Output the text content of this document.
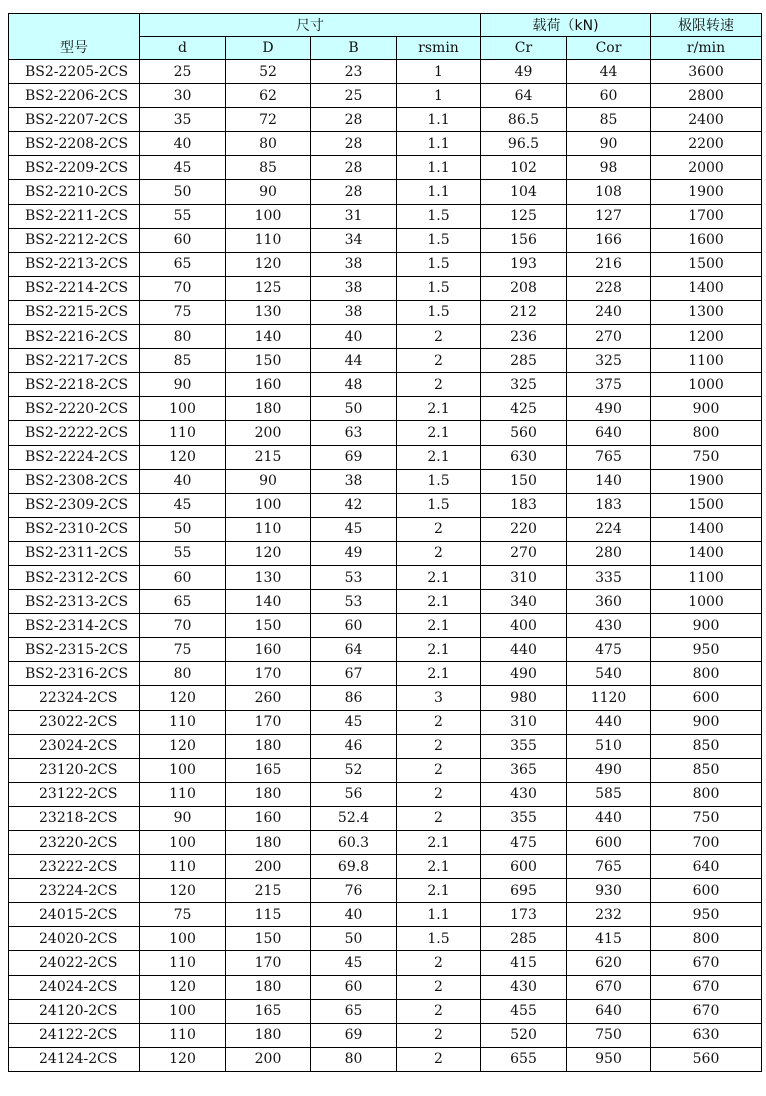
型号	尺寸				载荷（kN)		极限转速
	d	D	B	rsmin	Cr	Cor	r/min
BS2-2205-2CS	25	52	23	1	49	44	3600
BS2-2206-2CS	30	62	25	1	64	60	2800
BS2-2207-2CS	35	72	28	1.1	86.5	85	2400
BS2-2208-2CS	40	80	28	1.1	96.5	90	2200
BS2-2209-2CS	45	85	28	1.1	102	98	2000
BS2-2210-2CS	50	90	28	1.1	104	108	1900
BS2-2211-2CS	55	100	31	1.5	125	127	1700
BS2-2212-2CS	60	110	34	1.5	156	166	1600
BS2-2213-2CS	65	120	38	1.5	193	216	1500
BS2-2214-2CS	70	125	38	1.5	208	228	1400
BS2-2215-2CS	75	130	38	1.5	212	240	1300
BS2-2216-2CS	80	140	40	2	236	270	1200
BS2-2217-2CS	85	150	44	2	285	325	1100
BS2-2218-2CS	90	160	48	2	325	375	1000
BS2-2220-2CS	100	180	50	2.1	425	490	900
BS2-2222-2CS	110	200	63	2.1	560	640	800
BS2-2224-2CS	120	215	69	2.1	630	765	750
BS2-2308-2CS	40	90	38	1.5	150	140	1900
BS2-2309-2CS	45	100	42	1.5	183	183	1500
BS2-2310-2CS	50	110	45	2	220	224	1400
BS2-2311-2CS	55	120	49	2	270	280	1400
BS2-2312-2CS	60	130	53	2.1	310	335	1100
BS2-2313-2CS	65	140	53	2.1	340	360	1000
BS2-2314-2CS	70	150	60	2.1	400	430	900
BS2-2315-2CS	75	160	64	2.1	440	475	950
BS2-2316-2CS	80	170	67	2.1	490	540	800
22324-2CS	120	260	86	3	980	1120	600
23022-2CS	110	170	45	2	310	440	900
23024-2CS	120	180	46	2	355	510	850
23120-2CS	100	165	52	2	365	490	850
23122-2CS	110	180	56	2	430	585	800
23218-2CS	90	160	52.4	2	355	440	750
23220-2CS	100	180	60.3	2.1	475	600	700
23222-2CS	110	200	69.8	2.1	600	765	640
23224-2CS	120	215	76	2.1	695	930	600
24015-2CS	75	115	40	1.1	173	232	950
24020-2CS	100	150	50	1.5	285	415	800
24022-2CS	110	170	45	2	415	620	670
24024-2CS	120	180	60	2	430	670	670
24120-2CS	100	165	65	2	455	640	670
24122-2CS	110	180	69	2	520	750	630
24124-2CS	120	200	80	2	655	950	560
